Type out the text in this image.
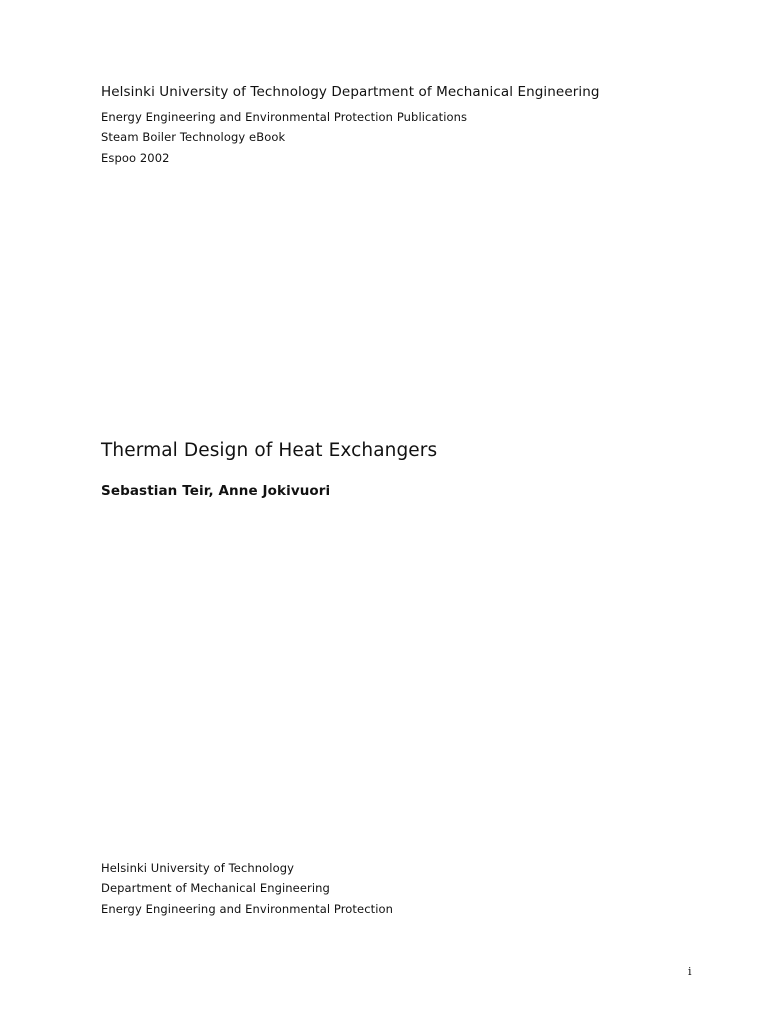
Helsinki University of Technology Department of Mechanical Engineering
Energy Engineering and Environmental Protection Publications
Steam Boiler Technology eBook
Espoo 2002
Thermal Design of Heat Exchangers
Sebastian Teir, Anne Jokivuori
Helsinki University of Technology
Department of Mechanical Engineering
Energy Engineering and Environmental Protection
i
